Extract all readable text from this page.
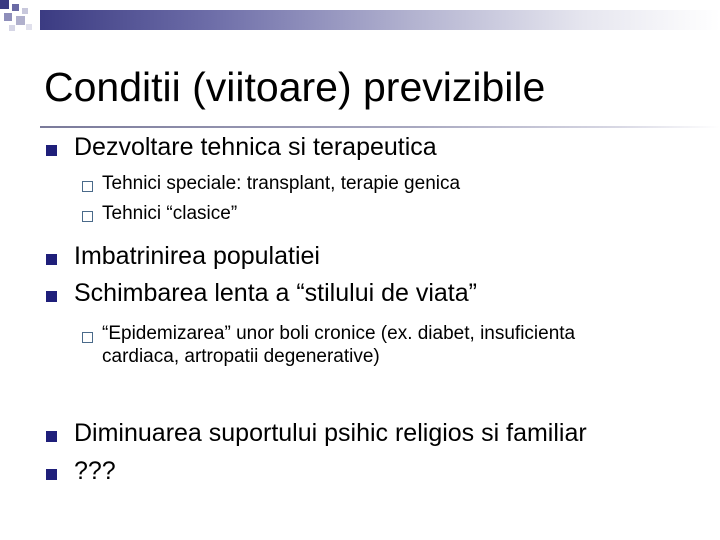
Conditii (viitoare) previzibile
Dezvoltare tehnica si terapeutica
Tehnici speciale: transplant, terapie genica
Tehnici “clasice”
Imbatrinirea populatiei
Schimbarea lenta a “stilului de viata”
“Epidemizarea” unor boli cronice (ex. diabet, insuficienta cardiaca, artropatii degenerative)
Diminuarea suportului psihic religios si familiar
???
